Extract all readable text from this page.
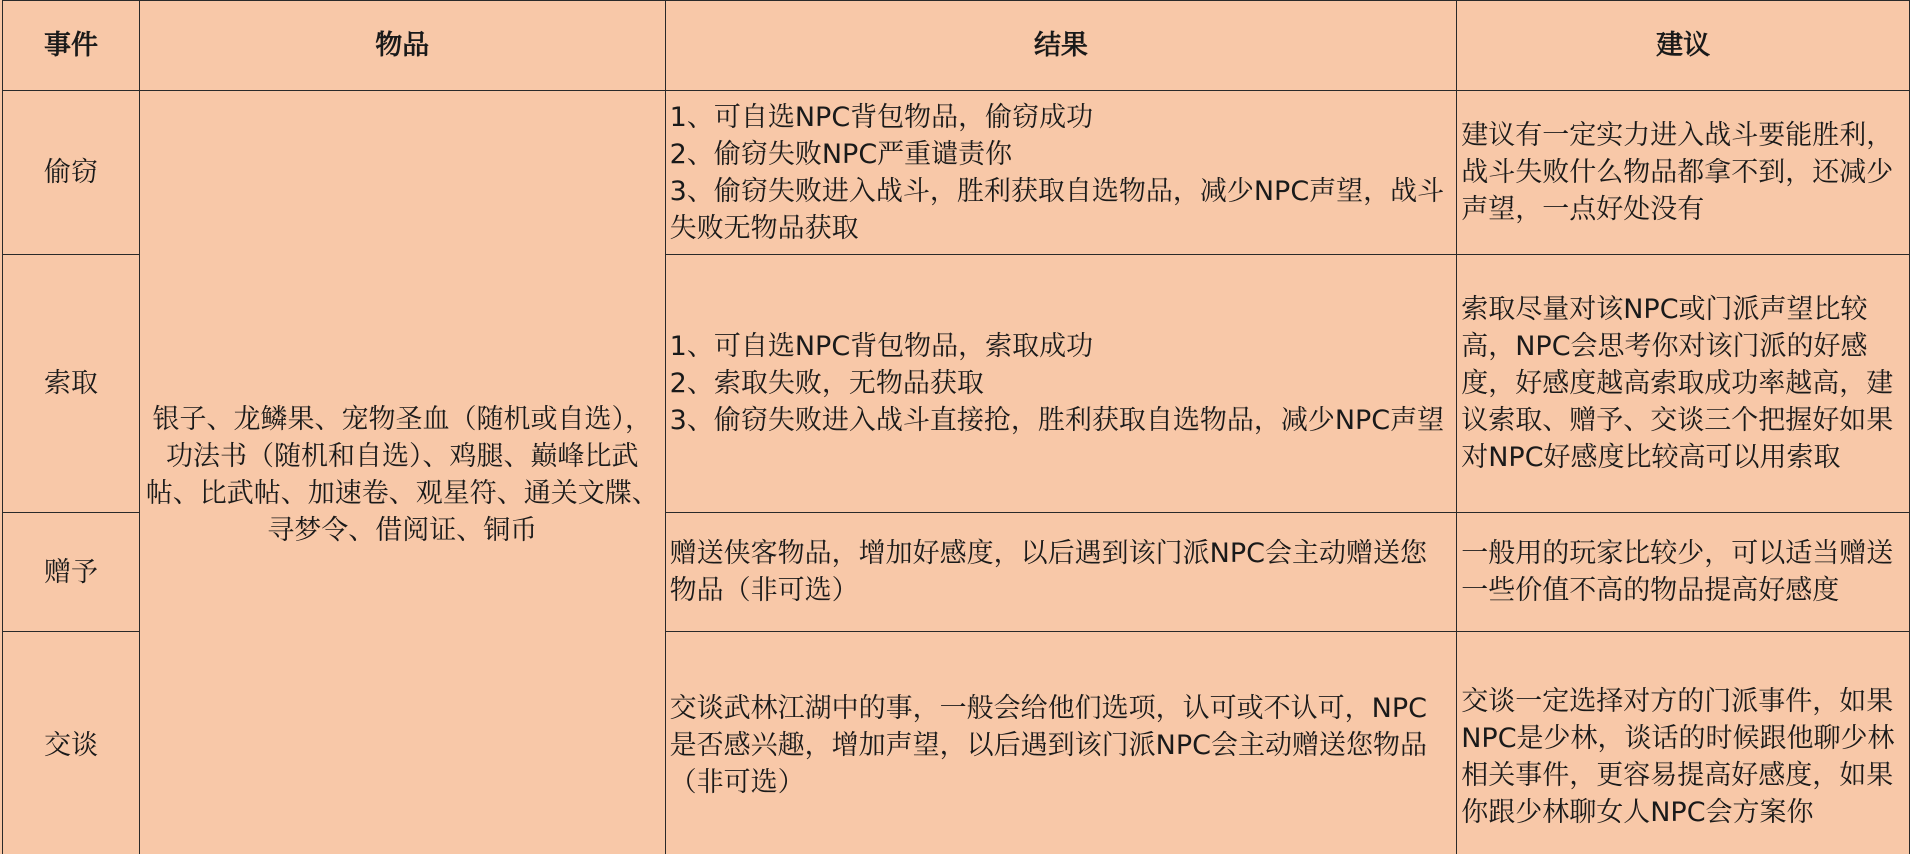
事件	物品	结果	建议
偷窃	银子、龙鳞果、宠物圣血（随机或自选），功法书（随机和自选）、鸡腿、巅峰比武帖、比武帖、加速卷、观星符、通关文牒、寻梦令、借阅证、铜币	1、可自选NPC背包物品，偷窃成功
2、偷窃失败NPC严重谴责你
3、偷窃失败进入战斗，胜利获取自选物品，减少NPC声望，战斗失败无物品获取	建议有一定实力进入战斗要能胜利，战斗失败什么物品都拿不到，还减少声望，一点好处没有

索取		1、可自选NPC背包物品，索取成功
2、索取失败，无物品获取
3、偷窃失败进入战斗直接抢，胜利获取自选物品，减少NPC声望	索取尽量对该NPC或门派声望比较高，NPC会思考你对该门派的好感度，好感度越高索取成功率越高，建议索取、赠予、交谈三个把握好如果对NPC好感度比较高可以用索取

赠予		赠送侠客物品，增加好感度，以后遇到该门派NPC会主动赠送您物品（非可选）	一般用的玩家比较少，可以适当赠送一些价值不高的物品提高好感度

交谈		交谈武林江湖中的事，一般会给他们选项，认可或不认可，NPC是否感兴趣，增加声望，以后遇到该门派NPC会主动赠送您物品（非可选）	交谈一定选择对方的门派事件，如果NPC是少林，谈话的时候跟他聊少林相关事件，更容易提高好感度，如果你跟少林聊女人NPC会方案你
